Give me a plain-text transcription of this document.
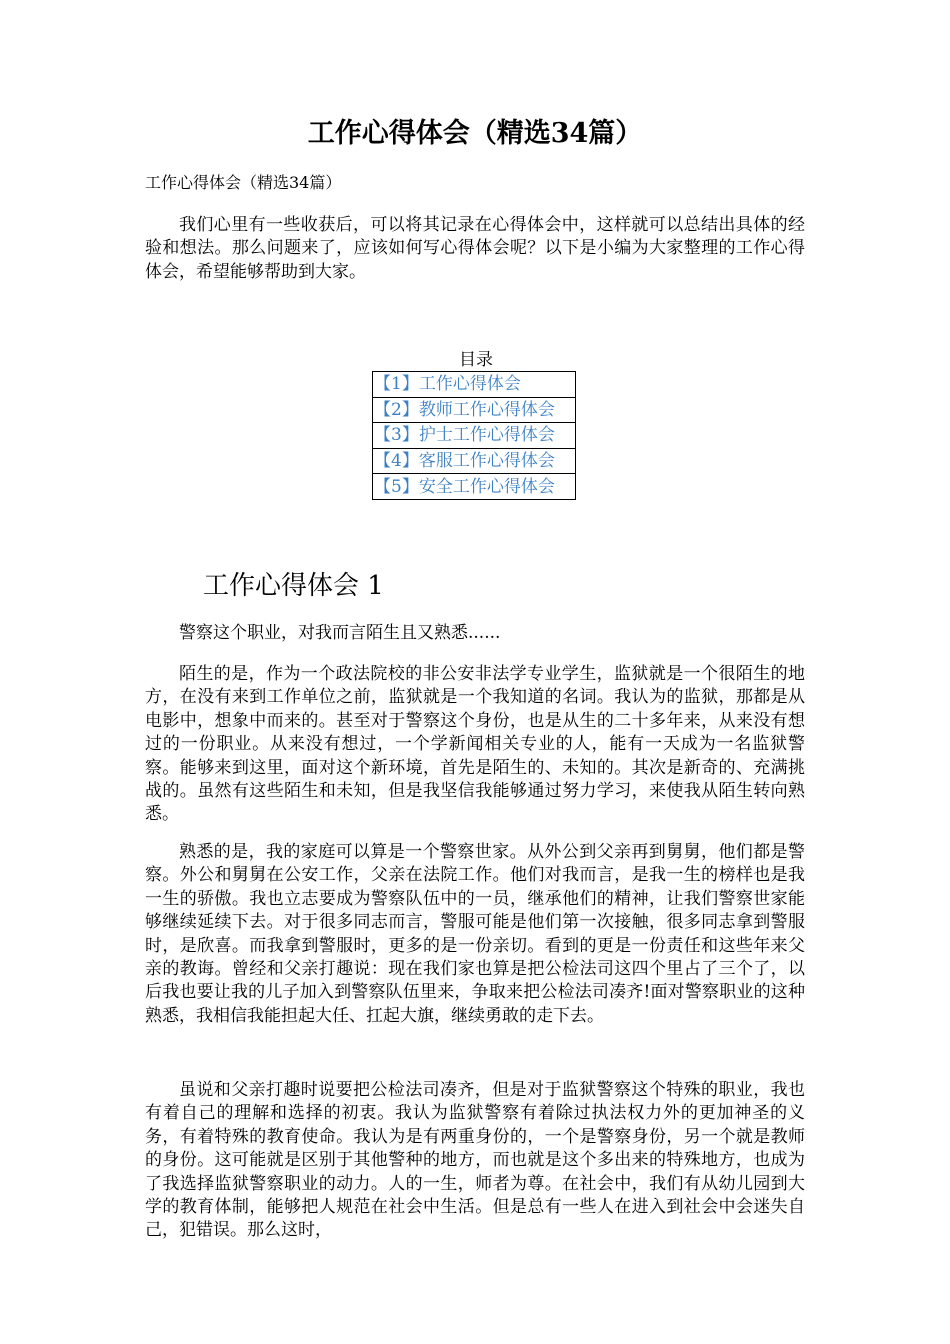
工作心得体会（精选34篇）

工作心得体会（精选34篇）

我们心里有一些收获后，可以将其记录在心得体会中，这样就可以总结出具体的经验和想法。那么问题来了，应该如何写心得体会呢？以下是小编为大家整理的工作心得体会，希望能够帮助到大家。

目录
【1】工作心得体会
【2】教师工作心得体会
【3】护士工作心得体会
【4】客服工作心得体会
【5】安全工作心得体会
工作心得体会 1

警察这个职业，对我而言陌生且又熟悉......

陌生的是，作为一个政法院校的非公安非法学专业学生，监狱就是一个很陌生的地方，在没有来到工作单位之前，监狱就是一个我知道的名词。我认为的监狱，那都是从电影中，想象中而来的。甚至对于警察这个身份，也是从生的二十多年来，从来没有想过的一份职业。从来没有想过，一个学新闻相关专业的人，能有一天成为一名监狱警察。能够来到这里，面对这个新环境，首先是陌生的、未知的。其次是新奇的、充满挑战的。虽然有这些陌生和未知，但是我坚信我能够通过努力学习，来使我从陌生转向熟悉。

熟悉的是，我的家庭可以算是一个警察世家。从外公到父亲再到舅舅，他们都是警察。外公和舅舅在公安工作，父亲在法院工作。他们对我而言，是我一生的榜样也是我一生的骄傲。我也立志要成为警察队伍中的一员，继承他们的精神，让我们警察世家能够继续延续下去。对于很多同志而言，警服可能是他们第一次接触，很多同志拿到警服时，是欣喜。而我拿到警服时，更多的是一份亲切。看到的更是一份责任和这些年来父亲的教诲。曾经和父亲打趣说：现在我们家也算是把公检法司这四个里占了三个了，以后我也要让我的儿子加入到警察队伍里来，争取来把公检法司凑齐!面对警察职业的这种熟悉，我相信我能担起大任、扛起大旗，继续勇敢的走下去。

虽说和父亲打趣时说要把公检法司凑齐，但是对于监狱警察这个特殊的职业，我也有着自己的理解和选择的初衷。我认为监狱警察有着除过执法权力外的更加神圣的义务，有着特殊的教育使命。我认为是有两重身份的，一个是警察身份，另一个就是教师的身份。这可能就是区别于其他警种的地方，而也就是这个多出来的特殊地方，也成为了我选择监狱警察职业的动力。人的一生，师者为尊。在社会中，我们有从幼儿园到大学的教育体制，能够把人规范在社会中生活。但是总有一些人在进入到社会中会迷失自己，犯错误。那么这时，
